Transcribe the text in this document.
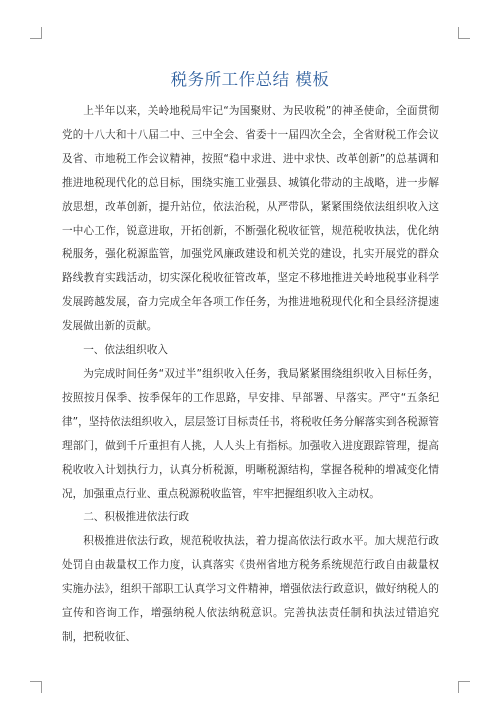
税务所工作总结 模板

上半年以来，关岭地税局牢记“为国聚财、为民收税”的神圣使命，全面贯彻党的十八大和十八届二中、三中全会、省委十一届四次全会，全省财税工作会议及省、市地税工作会议精神，按照“稳中求进、进中求快、改革创新”的总基调和推进地税现代化的总目标，围绕实施工业强县、城镇化带动的主战略，进一步解放思想，改革创新，提升站位，依法治税，从严带队，紧紧围绕依法组织收入这一中心工作，锐意进取，开拓创新，不断强化税收征管，规范税收执法，优化纳税服务，强化税源监管，加强党风廉政建设和机关党的建设，扎实开展党的群众路线教育实践活动，切实深化税收征管改革，坚定不移地推进关岭地税事业科学发展跨越发展，奋力完成全年各项工作任务，为推进地税现代化和全县经济提速发展做出新的贡献。

一、依法组织收入

为完成时间任务“双过半”组织收入任务，我局紧紧围绕组织收入目标任务，按照按月保季、按季保年的工作思路，早安排、早部署、早落实。严守“五条纪律”，坚持依法组织收入，层层签订目标责任书，将税收任务分解落实到各税源管理部门，做到千斤重担有人挑，人人头上有指标。加强收入进度跟踪管理，提高税收收入计划执行力，认真分析税源，明晰税源结构，掌握各税种的增减变化情况，加强重点行业、重点税源税收监管，牢牢把握组织收入主动权。

二、积极推进依法行政

积极推进依法行政，规范税收执法，着力提高依法行政水平。加大规范行政处罚自由裁量权工作力度，认真落实《贵州省地方税务系统规范行政自由裁量权实施办法》，组织干部职工认真学习文件精神，增强依法行政意识，做好纳税人的宣传和咨询工作，增强纳税人依法纳税意识。完善执法责任制和执法过错追究制，把税收征、
